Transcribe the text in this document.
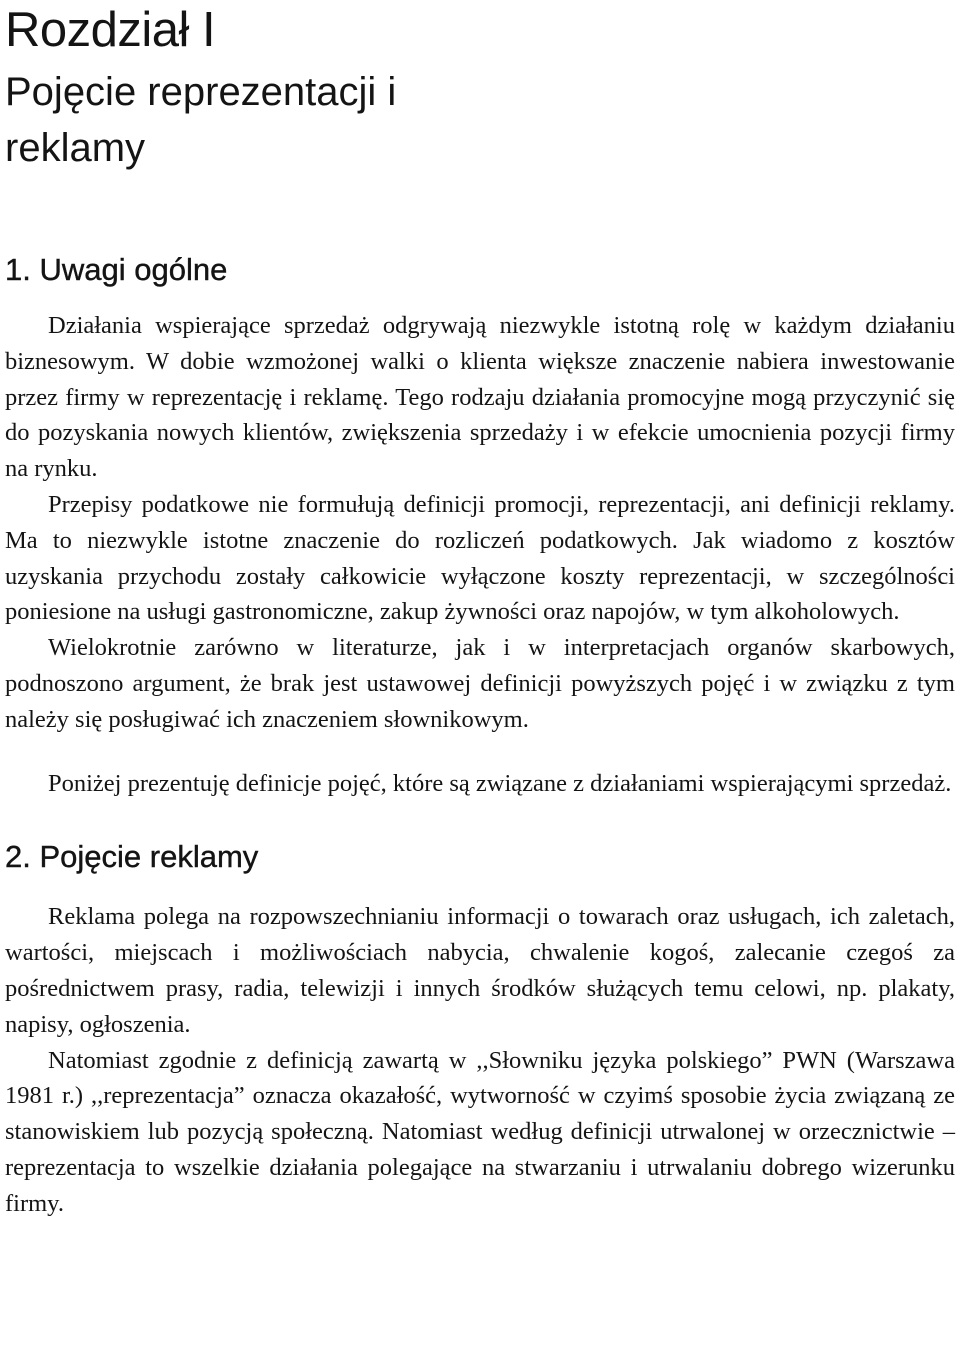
Rozdział I
Pojęcie reprezentacji i reklamy
1. Uwagi ogólne

Działania wspierające sprzedaż odgrywają niezwykle istotną rolę w każdym działaniu biznesowym. W dobie wzmożonej walki o klienta większe znaczenie nabiera inwestowanie przez firmy w reprezentację i reklamę. Tego rodzaju działania promocyjne mogą przyczynić się do pozyskania nowych klientów, zwiększenia sprzedaży i w efekcie umocnienia pozycji firmy na rynku.

Przepisy podatkowe nie formułują definicji promocji, reprezentacji, ani definicji reklamy. Ma to niezwykle istotne znaczenie do rozliczeń podatkowych. Jak wiadomo z kosztów uzyskania przychodu zostały całkowicie wyłączone koszty reprezentacji, w szczególności poniesione na usługi gastronomiczne, zakup żywności oraz napojów, w tym alkoholowych.

Wielokrotnie zarówno w literaturze, jak i w interpretacjach organów skarbowych, podnoszono argument, że brak jest ustawowej definicji powyższych pojęć i w związku z tym należy się posługiwać ich znaczeniem słownikowym.

Poniżej prezentuję definicje pojęć, które są związane z działaniami wspierającymi sprzedaż.

2. Pojęcie reklamy

Reklama polega na rozpowszechnianiu informacji o towarach oraz usługach, ich zaletach, wartości, miejscach i możliwościach nabycia, chwalenie kogoś, zalecanie czegoś za pośrednictwem prasy, radia, telewizji i innych środków służących temu celowi, np. plakaty, napisy, ogłoszenia.

Natomiast zgodnie z definicją zawartą w ,,Słowniku języka polskiego” PWN (Warszawa 1981 r.) ,,reprezentacja” oznacza okazałość, wytworność w czyimś sposobie życia związaną ze stanowiskiem lub pozycją społeczną. Natomiast według definicji utrwalonej w orzecznictwie – reprezentacja to wszelkie działania polegające na stwarzaniu i utrwalaniu dobrego wizerunku firmy.
